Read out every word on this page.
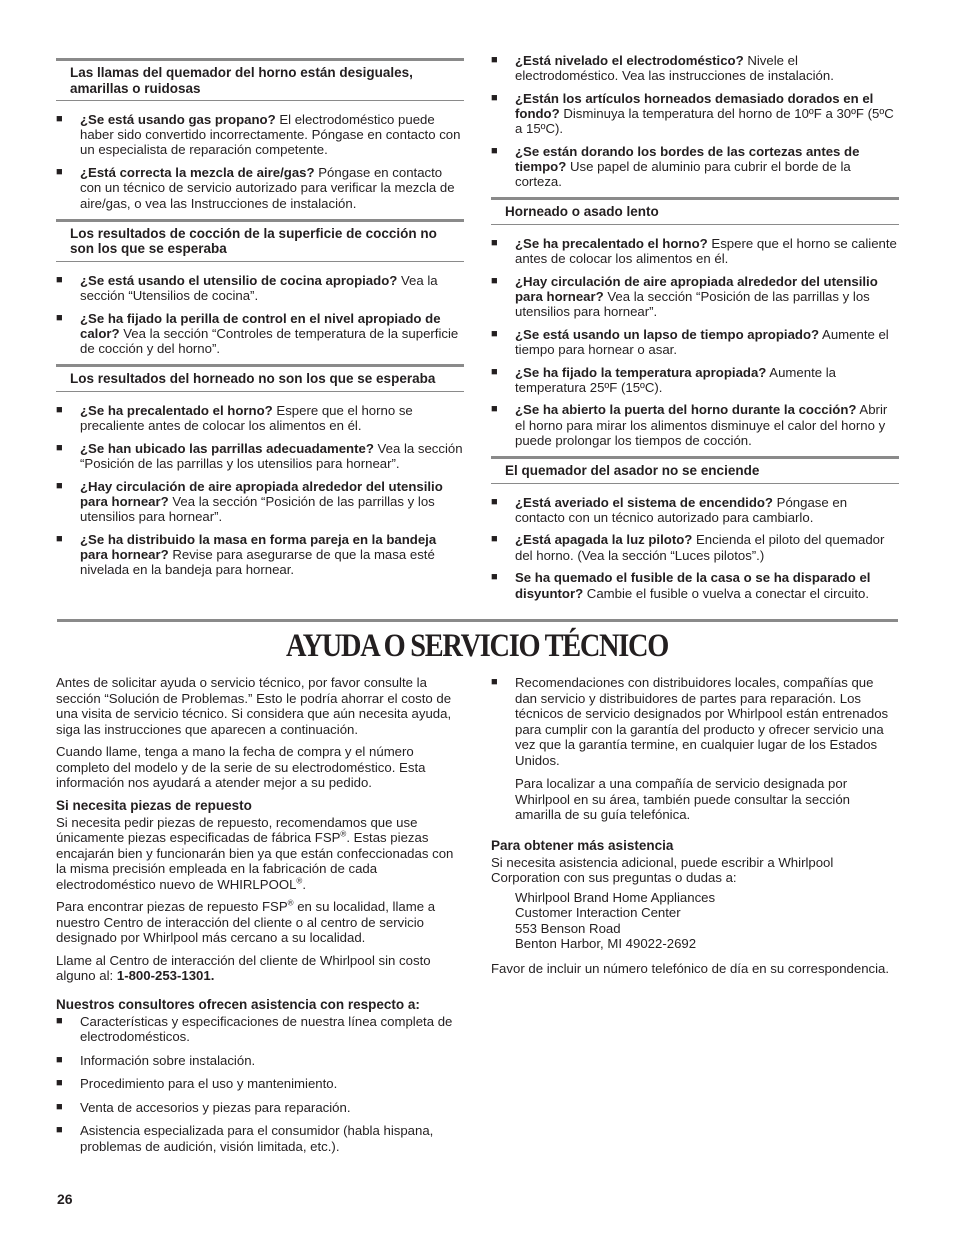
Las llamas del quemador del horno están desiguales, amarillas o ruidosas
■ ¿Se está usando gas propano? El electrodoméstico puede haber sido convertido incorrectamente. Póngase en contacto con un especialista de reparación competente.
■ ¿Está correcta la mezcla de aire/gas? Póngase en contacto con un técnico de servicio autorizado para verificar la mezcla de aire/gas, o vea las Instrucciones de instalación.
Los resultados de cocción de la superficie de cocción no son los que se esperaba
■ ¿Se está usando el utensilio de cocina apropiado? Vea la sección “Utensilios de cocina”.
■ ¿Se ha fijado la perilla de control en el nivel apropiado de calor? Vea la sección “Controles de temperatura de la superficie de cocción y del horno”.
Los resultados del horneado no son los que se esperaba
■ ¿Se ha precalentado el horno? Espere que el horno se precaliente antes de colocar los alimentos en él.
■ ¿Se han ubicado las parrillas adecuadamente? Vea la sección “Posición de las parrillas y los utensilios para hornear”.
■ ¿Hay circulación de aire apropiada alrededor del utensilio para hornear? Vea la sección “Posición de las parrillas y los utensilios para hornear”.
■ ¿Se ha distribuido la masa en forma pareja en la bandeja para hornear? Revise para asegurarse de que la masa esté nivelada en la bandeja para hornear.
■ ¿Está nivelado el electrodoméstico? Nivele el electrodoméstico. Vea las instrucciones de instalación.
■ ¿Están los artículos horneados demasiado dorados en el fondo? Disminuya la temperatura del horno de 10ºF a 30ºF (5ºC a 15ºC).
■ ¿Se están dorando los bordes de las cortezas antes de tiempo? Use papel de aluminio para cubrir el borde de la corteza.
Horneado o asado lento
■ ¿Se ha precalentado el horno? Espere que el horno se caliente antes de colocar los alimentos en él.
■ ¿Hay circulación de aire apropiada alrededor del utensilio para hornear? Vea la sección “Posición de las parrillas y los utensilios para hornear”.
■ ¿Se está usando un lapso de tiempo apropiado? Aumente el tiempo para hornear o asar.
■ ¿Se ha fijado la temperatura apropiada? Aumente la temperatura 25ºF (15ºC).
■ ¿Se ha abierto la puerta del horno durante la cocción? Abrir el horno para mirar los alimentos disminuye el calor del horno y puede prolongar los tiempos de cocción.
El quemador del asador no se enciende
■ ¿Está averiado el sistema de encendido? Póngase en contacto con un técnico autorizado para cambiarlo.
■ ¿Está apagada la luz piloto? Encienda el piloto del quemador del horno. (Vea la sección “Luces pilotos”.)
■ Se ha quemado el fusible de la casa o se ha disparado el disyuntor? Cambie el fusible o vuelva a conectar el circuito.
AYUDA O SERVICIO TÉCNICO

Antes de solicitar ayuda o servicio técnico, por favor consulte la sección “Solución de Problemas.” Esto le podría ahorrar el costo de una visita de servicio técnico. Si considera que aún necesita ayuda, siga las instrucciones que aparecen a continuación.

Cuando llame, tenga a mano la fecha de compra y el número completo del modelo y de la serie de su electrodoméstico. Esta información nos ayudará a atender mejor a su pedido.

Si necesita piezas de repuesto

Si necesita pedir piezas de repuesto, recomendamos que use únicamente piezas especificadas de fábrica FSP®. Estas piezas encajarán bien y funcionarán bien ya que están confeccionadas con la misma precisión empleada en la fabricación de cada electrodoméstico nuevo de WHIRLPOOL®.

Para encontrar piezas de repuesto FSP® en su localidad, llame a nuestro Centro de interacción del cliente o al centro de servicio designado por Whirlpool más cercano a su localidad.

Llame al Centro de interacción del cliente de Whirlpool sin costo alguno al: 1-800-253-1301.

Nuestros consultores ofrecen asistencia con respecto a:
■ Características y especificaciones de nuestra línea completa de electrodomésticos.
■ Información sobre instalación.
■ Procedimiento para el uso y mantenimiento.
■ Venta de accesorios y piezas para reparación.
■ Asistencia especializada para el consumidor (habla hispana, problemas de audición, visión limitada, etc.).
■ Recomendaciones con distribuidores locales, compañías que dan servicio y distribuidores de partes para reparación. Los técnicos de servicio designados por Whirlpool están entrenados para cumplir con la garantía del producto y ofrecer servicio una vez que la garantía termine, en cualquier lugar de los Estados Unidos.
Para localizar a una compañía de servicio designada por Whirlpool en su área, también puede consultar la sección amarilla de su guía telefónica.
Para obtener más asistencia

Si necesita asistencia adicional, puede escribir a Whirlpool Corporation con sus preguntas o dudas a:

Whirlpool Brand Home Appliances
Customer Interaction Center
553 Benson Road
Benton Harbor, MI 49022-2692

Favor de incluir un número telefónico de día en su correspondencia.

26
